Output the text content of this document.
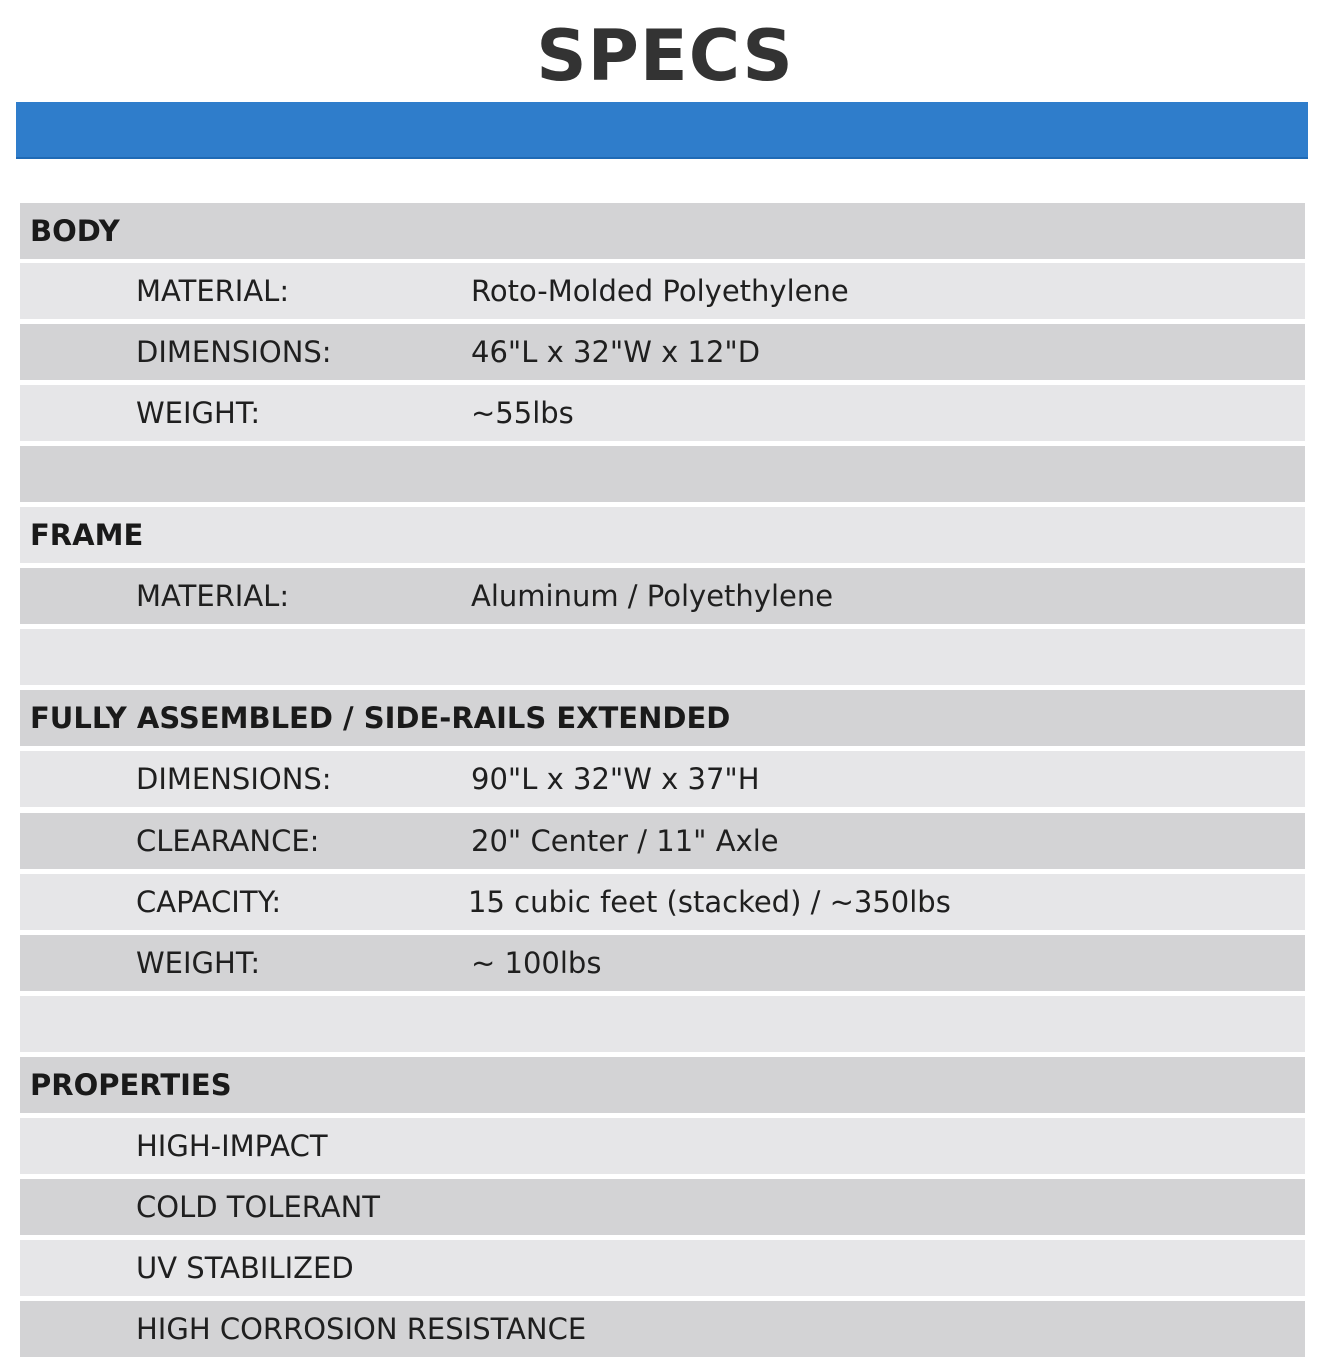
SPECS
BODY
MATERIAL:	Roto-Molded Polyethylene
DIMENSIONS:	46"L x 32"W x 12"D
WEIGHT:	~55lbs
FRAME
MATERIAL:	Aluminum / Polyethylene
FULLY ASSEMBLED / SIDE-RAILS EXTENDED
DIMENSIONS:	90"L x 32"W x 37"H
CLEARANCE:	20" Center / 11" Axle
CAPACITY:	15 cubic feet (stacked) / ~350lbs
WEIGHT:	~ 100lbs
PROPERTIES
HIGH-IMPACT
COLD TOLERANT
UV STABILIZED
HIGH CORROSION RESISTANCE
